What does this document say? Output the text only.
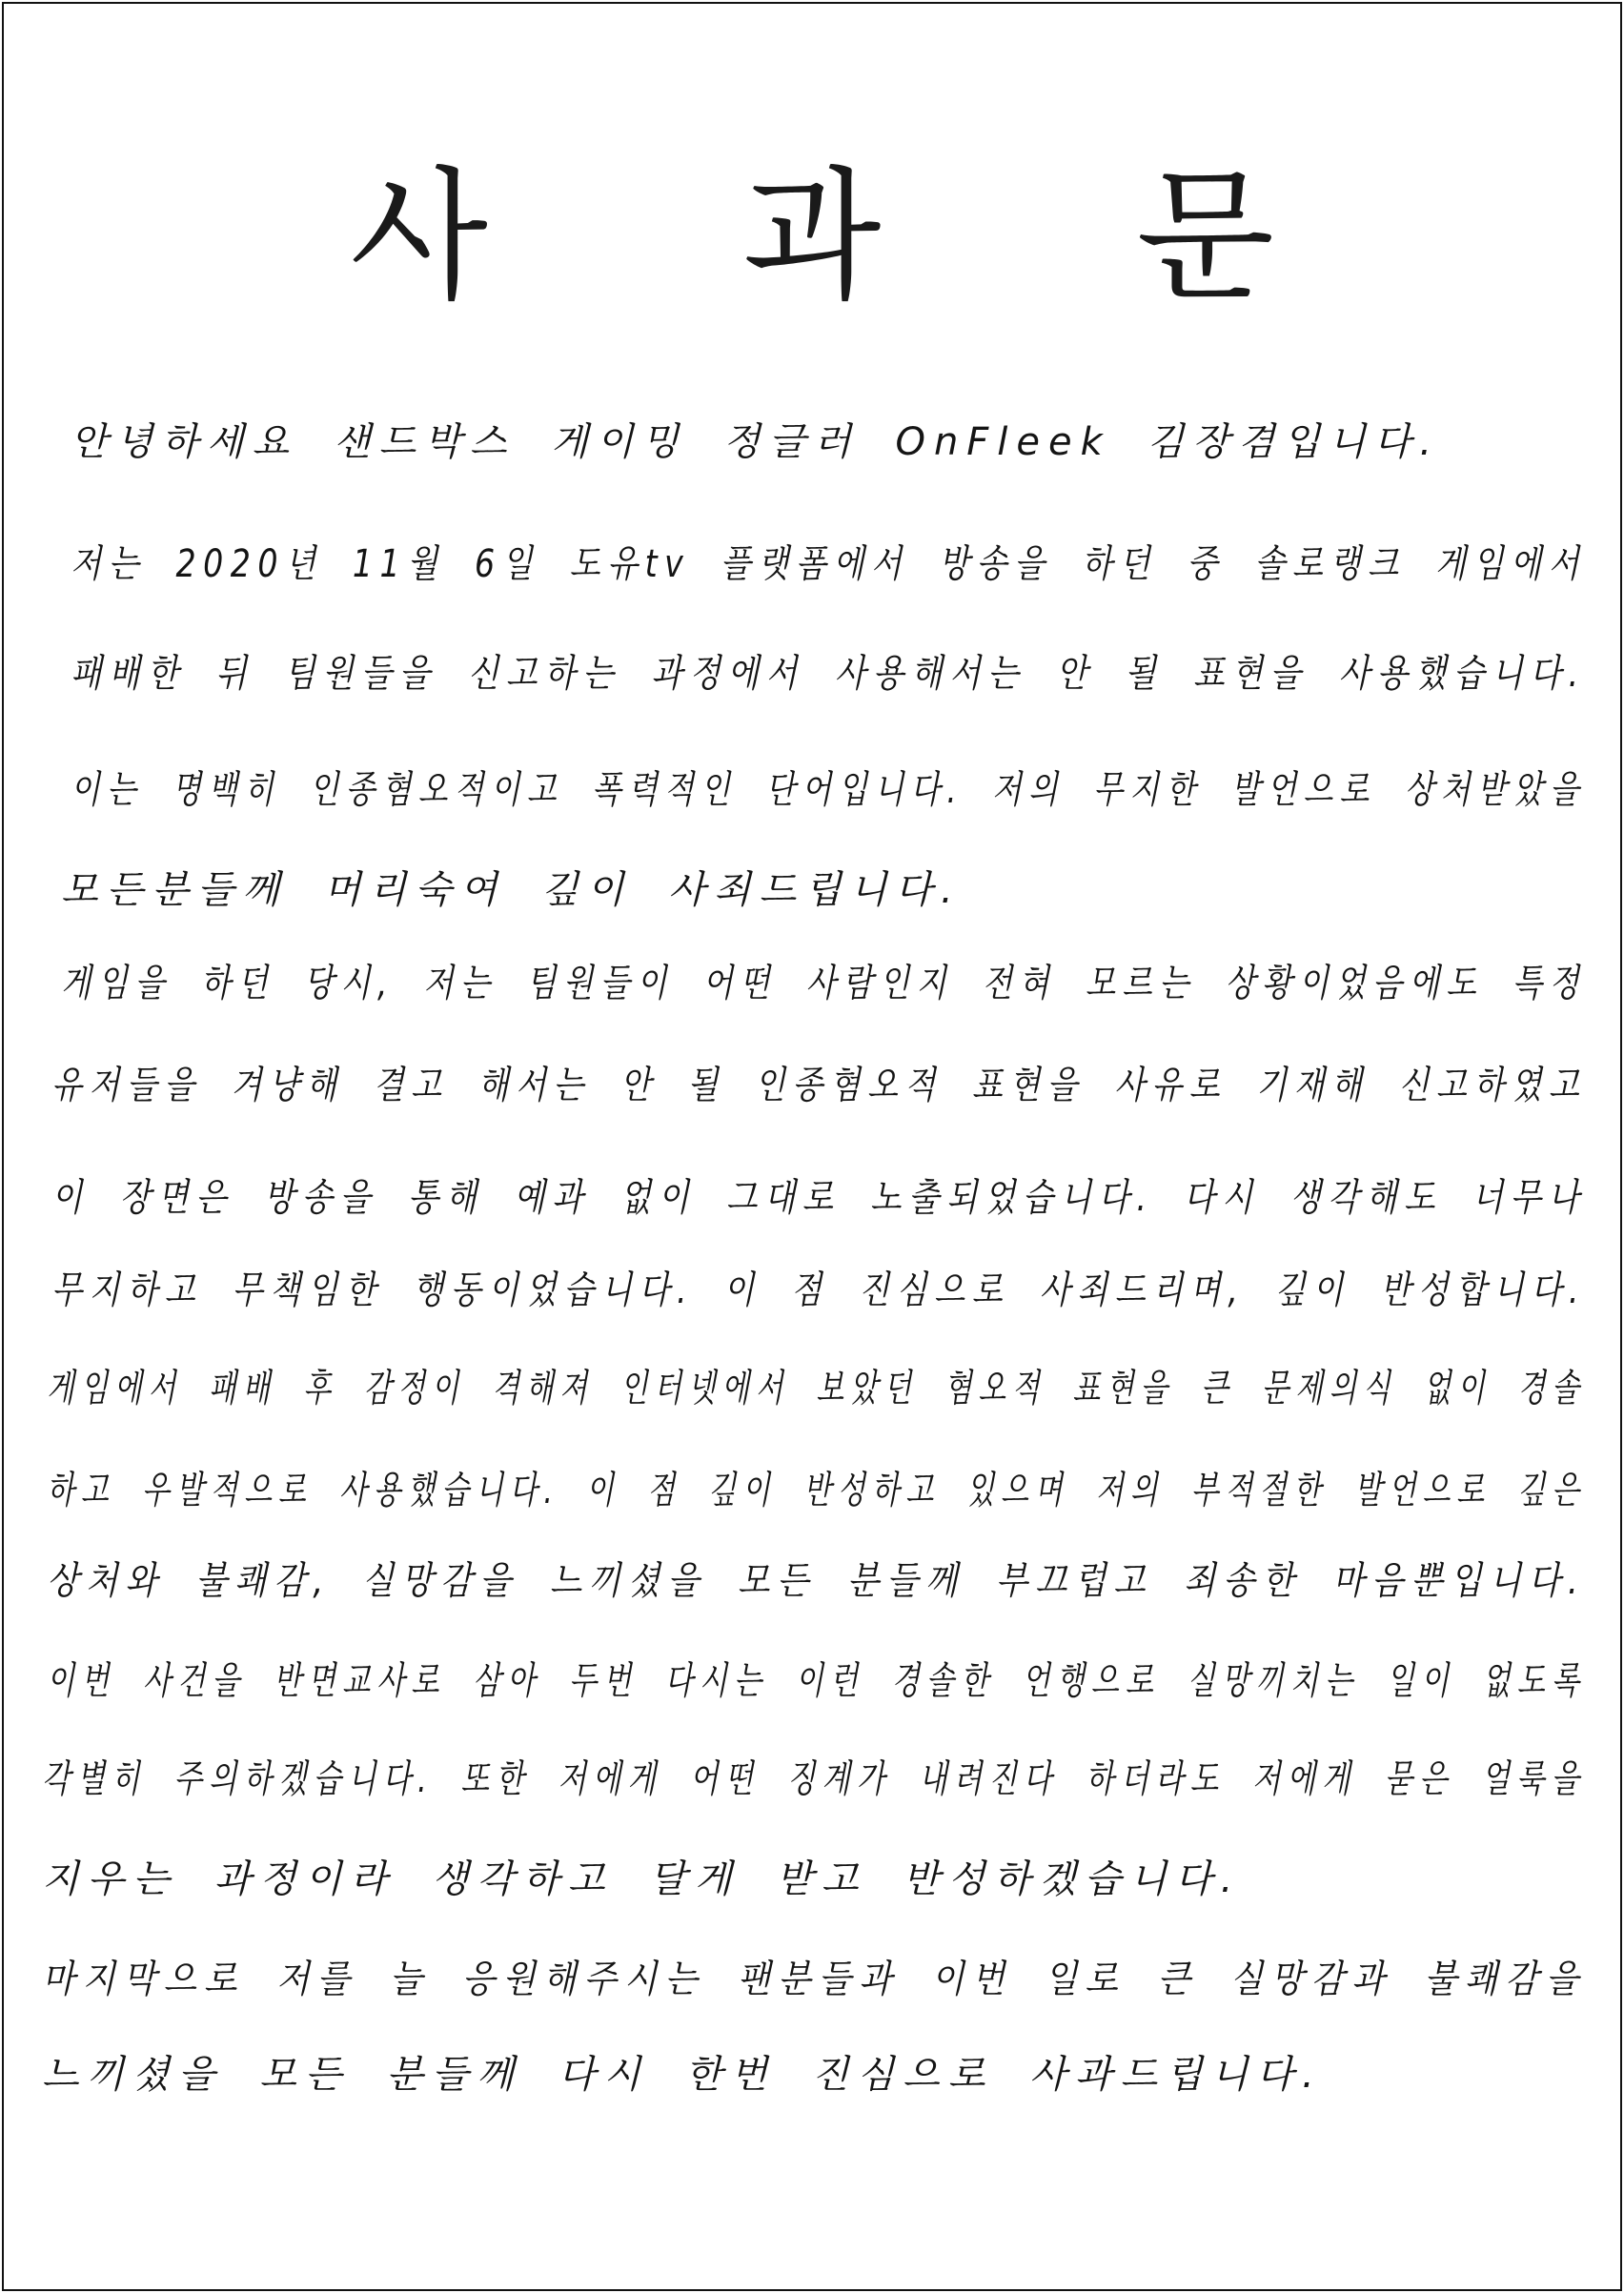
사 과 문
안녕하세요 샌드박스 게이밍 정글러 OnFleek 김장겸입니다.
저는 2020년 11월 6일 도유tv 플랫폼에서 방송을 하던 중 솔로랭크 게임에서
패배한 뒤 팀원들을 신고하는 과정에서 사용해서는 안 될 표현을 사용했습니다.
이는 명백히 인종혐오적이고 폭력적인 단어입니다. 저의 무지한 발언으로 상처받았을
모든분들께 머리숙여 깊이 사죄드립니다.
게임을 하던 당시, 저는 팀원들이 어떤 사람인지 전혀 모르는 상황이었음에도 특정
유저들을 겨냥해 결고 해서는 안 될 인종혐오적 표현을 사유로 기재해 신고하였고
이 장면은 방송을 통해 예과 없이 그대로 노출되었습니다. 다시 생각해도 너무나
무지하고 무책임한 행동이었습니다. 이 점 진심으로 사죄드리며, 깊이 반성합니다.
게임에서 패배 후 감정이 격해져 인터넷에서 보았던 혐오적 표현을 큰 문제의식 없이 경솔
하고 우발적으로 사용했습니다. 이 점 깊이 반성하고 있으며 저의 부적절한 발언으로 깊은
상처와 불쾌감, 실망감을 느끼셨을 모든 분들께 부끄럽고 죄송한 마음뿐입니다.
이번 사건을 반면교사로 삼아 두번 다시는 이런 경솔한 언행으로 실망끼치는 일이 없도록
각별히 주의하겠습니다. 또한 저에게 어떤 징계가 내려진다 하더라도 저에게 묻은 얼룩을
지우는 과정이라 생각하고 달게 받고 반성하겠습니다.
마지막으로 저를 늘 응원해주시는 팬분들과 이번 일로 큰 실망감과 불쾌감을
느끼셨을 모든 분들께 다시 한번 진심으로 사과드립니다.
